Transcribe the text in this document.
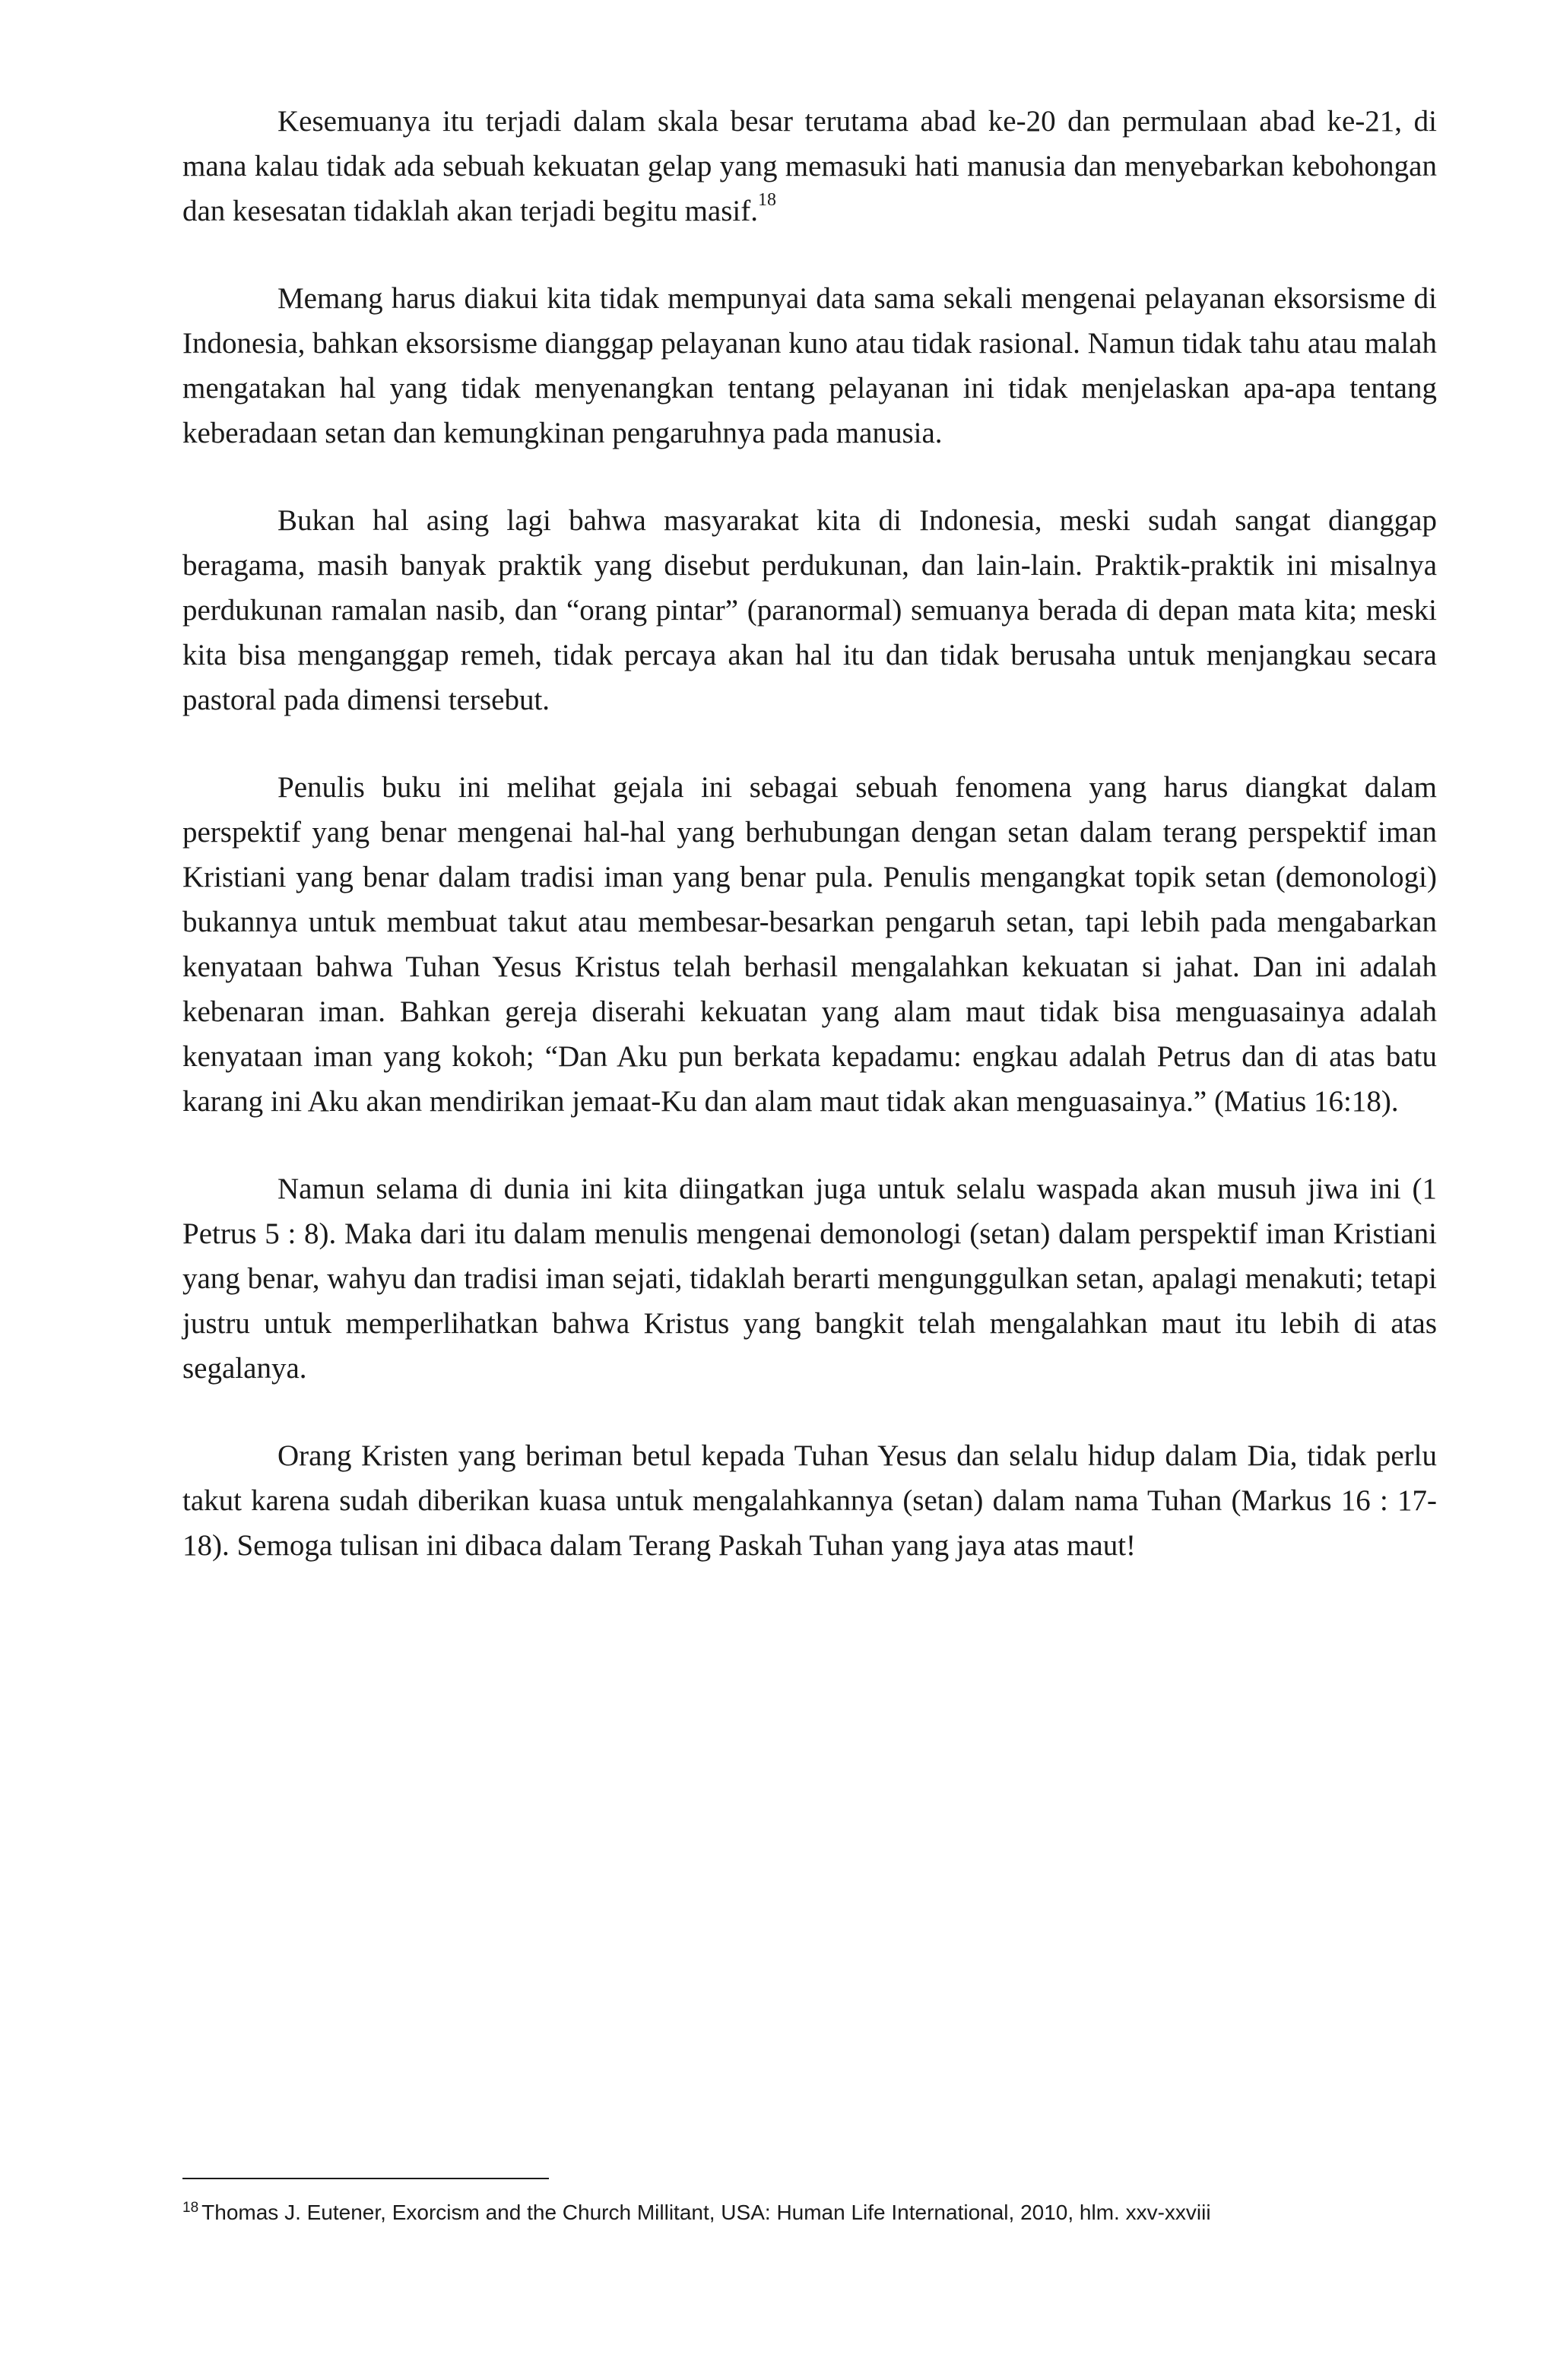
Kesemuanya itu terjadi dalam skala besar terutama abad ke-20 dan permulaan abad ke-21, di mana kalau tidak ada sebuah kekuatan gelap yang memasuki hati manusia dan menyebarkan kebohongan dan kesesatan tidaklah akan terjadi begitu masif.$^{18}$

Memang harus diakui kita tidak mempunyai data sama sekali mengenai pelayanan eksorsisme di Indonesia, bahkan eksorsisme dianggap pelayanan kuno atau tidak rasional. Namun tidak tahu atau malah mengatakan hal yang tidak menyenangkan tentang pelayanan ini tidak menjelaskan apa-apa tentang keberadaan setan dan kemungkinan pengaruhnya pada manusia.

Bukan hal asing lagi bahwa masyarakat kita di Indonesia, meski sudah sangat dianggap beragama, masih banyak praktik yang disebut perdukunan, dan lain-lain. Praktik-praktik ini misalnya perdukunan ramalan nasib, dan “orang pintar” (paranormal) semuanya berada di depan mata kita; meski kita bisa menganggap remeh, tidak percaya akan hal itu dan tidak berusaha untuk menjangkau secara pastoral pada dimensi tersebut.

Penulis buku ini melihat gejala ini sebagai sebuah fenomena yang harus diangkat dalam perspektif yang benar mengenai hal-hal yang berhubungan dengan setan dalam terang perspektif iman Kristiani yang benar dalam tradisi iman yang benar pula. Penulis mengangkat topik setan (demonologi) bukannya untuk membuat takut atau membesar-besarkan pengaruh setan, tapi lebih pada mengabarkan kenyataan bahwa Tuhan Yesus Kristus telah berhasil mengalahkan kekuatan si jahat. Dan ini adalah kebenaran iman. Bahkan gereja diserahi kekuatan yang alam maut tidak bisa menguasainya adalah kenyataan iman yang kokoh; “Dan Aku pun berkata kepadamu: engkau adalah Petrus dan di atas batu karang ini Aku akan mendirikan jemaat-Ku dan alam maut tidak akan menguasainya.” (Matius 16:18).

Namun selama di dunia ini kita diingatkan juga untuk selalu waspada akan musuh jiwa ini (1 Petrus 5 : 8). Maka dari itu dalam menulis mengenai demonologi (setan) dalam perspektif iman Kristiani yang benar, wahyu dan tradisi iman sejati, tidaklah berarti mengunggulkan setan, apalagi menakuti; tetapi justru untuk memperlihatkan bahwa Kristus yang bangkit telah mengalahkan maut itu lebih di atas segalanya.

Orang Kristen yang beriman betul kepada Tuhan Yesus dan selalu hidup dalam Dia, tidak perlu takut karena sudah diberikan kuasa untuk mengalahkannya (setan) dalam nama Tuhan (Markus 16 : 17-18). Semoga tulisan ini dibaca dalam Terang Paskah Tuhan yang jaya atas maut!

$^{18}$ Thomas J. Eutener, Exorcism and the Church Millitant, USA: Human Life International, 2010, hlm. xxv-xxviii
